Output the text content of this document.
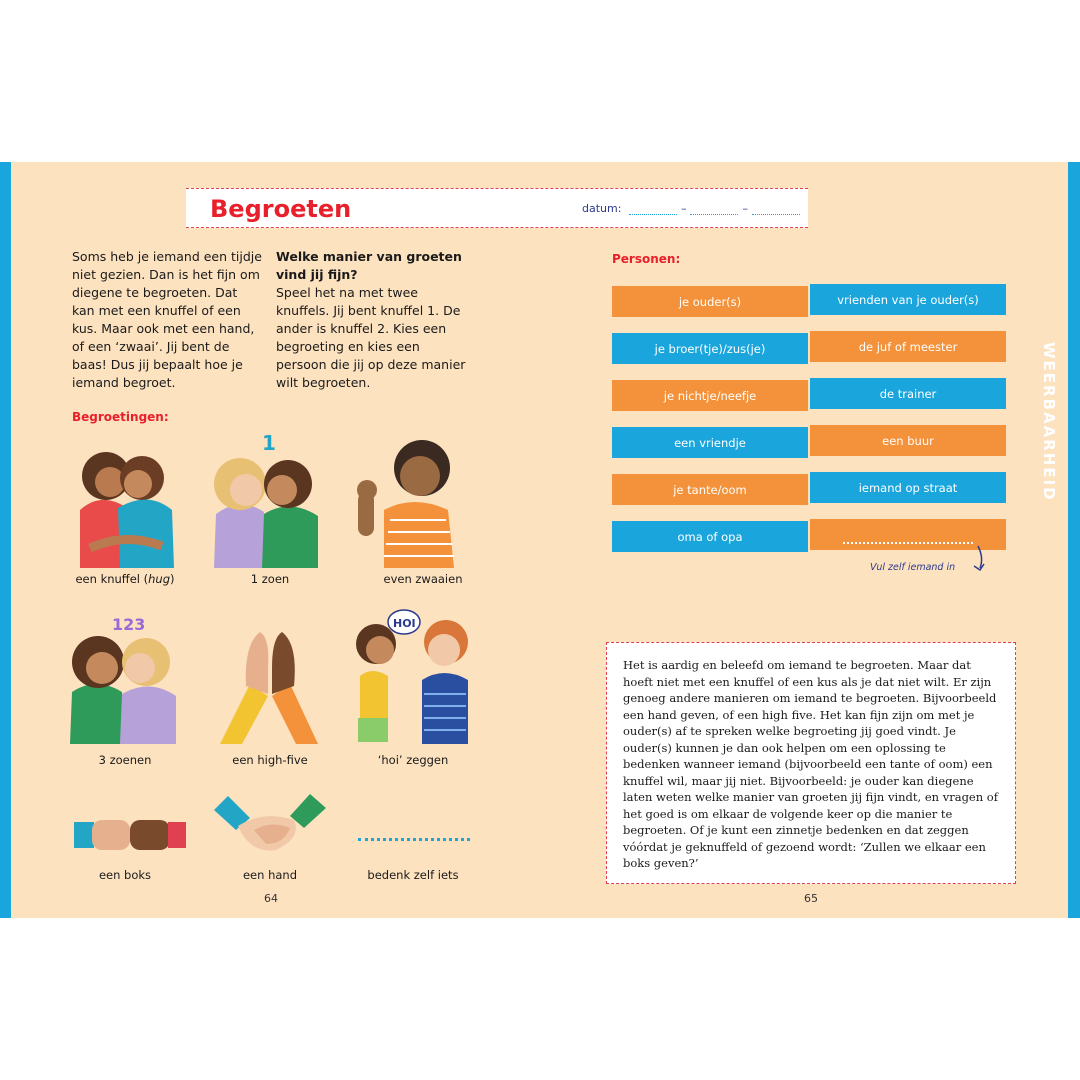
WEERBAARHEID
Begroeten	datum:	–	–
Soms heb je iemand een tijdje niet gezien. Dan is het fijn om diegene te begroeten. Dat kan met een knuffel of een kus. Maar ook met een hand, of een ‘zwaai’. Jij bent de baas! Dus jij bepaalt hoe je iemand begroet.
Welke manier van groeten vind jij fijn?
Speel het na met twee knuffels. Jij bent knuffel 1. De ander is knuffel 2. Kies een begroeting en kies een persoon die jij op deze manier wilt begroeten.
Begroetingen:
1
123	HOI
een knuffel (hug)	1 zoen	even zwaaien
3 zoenen	een high-five	‘hoi’ zeggen
een boks	een hand	bedenk zelf iets
Personen:
je ouder(s)	vrienden van je ouder(s)
je broer(tje)/zus(je)	de juf of meester
je nichtje/neefje	de trainer
een vriendje	een buur
je tante/oom	iemand op straat
oma of opa
Vul zelf iemand in

Het is aardig en beleefd om iemand te begroeten. Maar dat hoeft niet met een knuffel of een kus als je dat niet wilt. Er zijn genoeg andere manieren om iemand te begroeten. Bijvoorbeeld een hand geven, of een high five. Het kan fijn zijn om met je ouder(s) af te spreken welke begroeting jij goed vindt. Je ouder(s) kunnen je dan ook helpen om een oplossing te bedenken wanneer iemand (bijvoorbeeld een tante of oom) een knuffel wil, maar jij niet. Bijvoorbeeld: je ouder kan diegene laten weten welke manier van groeten jij fijn vindt, en vragen of het goed is om elkaar de volgende keer op die manier te begroeten. Of je kunt een zinnetje bedenken en dat zeggen vóórdat je geknuffeld of gezoend wordt: ‘Zullen we elkaar een boks geven?’

64	65
